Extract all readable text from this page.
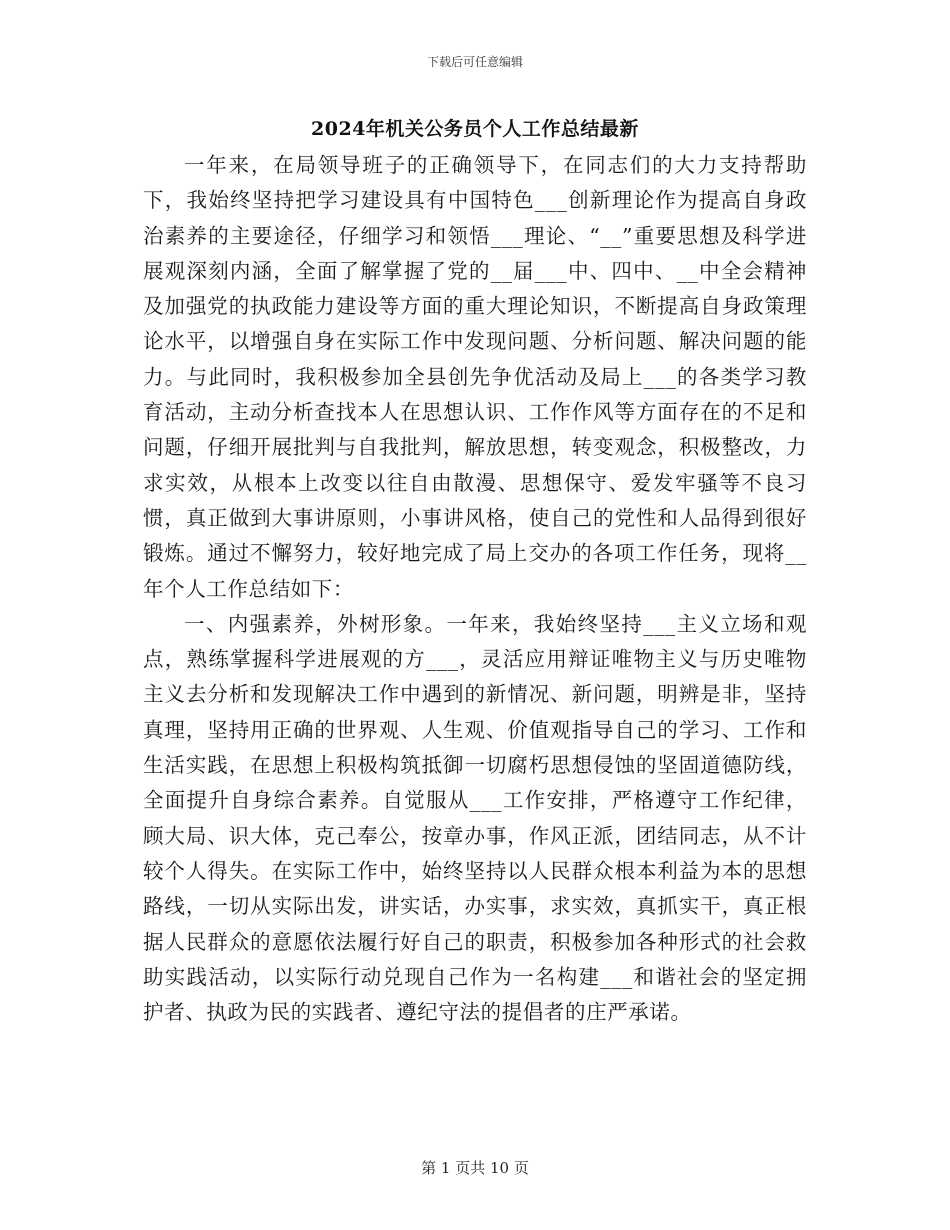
下载后可任意编辑
2024年机关公务员个人工作总结最新

一年来，在局领导班子的正确领导下，在同志们的大力支持帮助下，我始终坚持把学习建设具有中国特色___创新理论作为提高自身政治素养的主要途径，仔细学习和领悟___理论、“__”重要思想及科学进展观深刻内涵，全面了解掌握了党的__届___中、四中、__中全会精神及加强党的执政能力建设等方面的重大理论知识，不断提高自身政策理论水平，以增强自身在实际工作中发现问题、分析问题、解决问题的能力。与此同时，我积极参加全县创先争优活动及局上___的各类学习教育活动，主动分析查找本人在思想认识、工作作风等方面存在的不足和问题，仔细开展批判与自我批判，解放思想，转变观念，积极整改，力求实效，从根本上改变以往自由散漫、思想保守、爱发牢骚等不良习惯，真正做到大事讲原则，小事讲风格，使自己的党性和人品得到很好锻炼。通过不懈努力，较好地完成了局上交办的各项工作任务，现将__年个人工作总结如下：

一、内强素养，外树形象。一年来，我始终坚持___主义立场和观点，熟练掌握科学进展观的方___，灵活应用辩证唯物主义与历史唯物主义去分析和发现解决工作中遇到的新情况、新问题，明辨是非，坚持真理，坚持用正确的世界观、人生观、价值观指导自己的学习、工作和生活实践，在思想上积极构筑抵御一切腐朽思想侵蚀的坚固道德防线，全面提升自身综合素养。自觉服从___工作安排，严格遵守工作纪律，顾大局、识大体，克己奉公，按章办事，作风正派，团结同志，从不计较个人得失。在实际工作中，始终坚持以人民群众根本利益为本的思想路线，一切从实际出发，讲实话，办实事，求实效，真抓实干，真正根据人民群众的意愿依法履行好自己的职责，积极参加各种形式的社会救助实践活动，以实际行动兑现自己作为一名构建___和谐社会的坚定拥护者、执政为民的实践者、遵纪守法的提倡者的庄严承诺。

第 1 页共 10 页
